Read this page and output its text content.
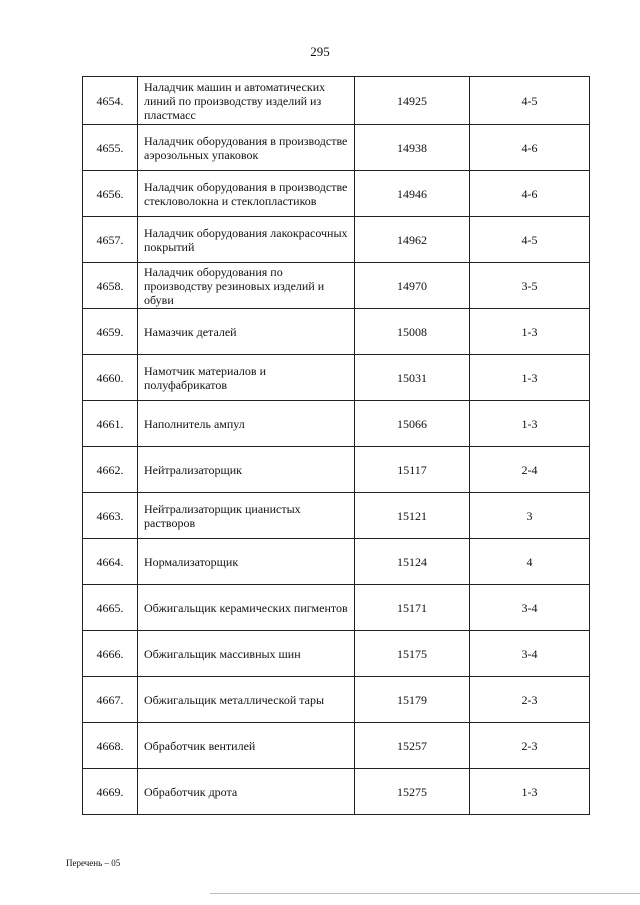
295
4654.	Наладчик машин и автоматических линий по производству изделий из пластмасс	14925	4-5
4655.	Наладчик оборудования в производстве аэрозольных упаковок	14938	4-6
4656.	Наладчик оборудования в производстве стекловолокна и стеклопластиков	14946	4-6
4657.	Наладчик оборудования лакокрасочных покрытий	14962	4-5
4658.	Наладчик оборудования по производству резиновых изделий и обуви	14970	3-5
4659.	Намазчик деталей	15008	1-3
4660.	Намотчик материалов и полуфабрикатов	15031	1-3
4661.	Наполнитель ампул	15066	1-3
4662.	Нейтрализаторщик	15117	2-4
4663.	Нейтрализаторщик цианистых растворов	15121	3
4664.	Нормализаторщик	15124	4
4665.	Обжигальщик керамических пигментов	15171	3-4
4666.	Обжигальщик массивных шин	15175	3-4
4667.	Обжигальщик металлической тары	15179	2-3
4668.	Обработчик вентилей	15257	2-3
4669.	Обработчик дрота	15275	1-3
Перечень – 05
